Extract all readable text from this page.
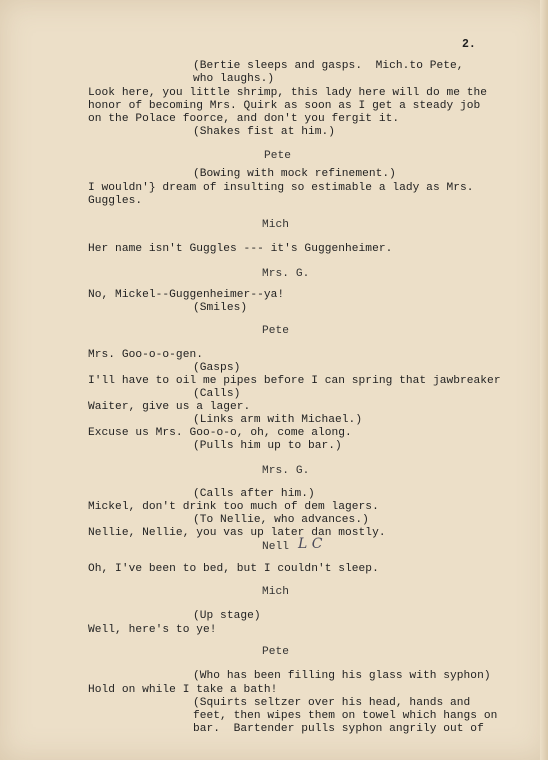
2.
(Bertie sleeps and gasps.  Mich.to Pete,
who laughs.)
Look here, you little shrimp, this lady here will do me the
honor of becoming Mrs. Quirk as soon as I get a steady job
on the Polace foorce, and don't you fergit it.
(Shakes fist at him.)
Pete
(Bowing with mock refinement.)
I wouldn'} dream of insulting so estimable a lady as Mrs.
Guggles.
Mich
Her name isn't Guggles --- it's Guggenheimer.
Mrs. G.
No, Mickel--Guggenheimer--ya!
(Smiles)
Pete
Mrs. Goo-o-o-gen.
(Gasps)
I'll have to oil me pipes before I can spring that jawbreaker
(Calls)
Waiter, give us a lager.
(Links arm with Michael.)
Excuse us Mrs. Goo-o-o, oh, come along.
(Pulls him up to bar.)
Mrs. G.
(Calls after him.)
Mickel, don't drink too much of dem lagers.
(To Nellie, who advances.)
Nellie, Nellie, you vas up later dan mostly.
Nell L C
Oh, I've been to bed, but I couldn't sleep.
Mich
(Up stage)
Well, here's to ye!
Pete
(Who has been filling his glass with syphon)
Hold on while I take a bath!
(Squirts seltzer over his head, hands and
feet, then wipes them on towel which hangs on
bar.  Bartender pulls syphon angrily out of
